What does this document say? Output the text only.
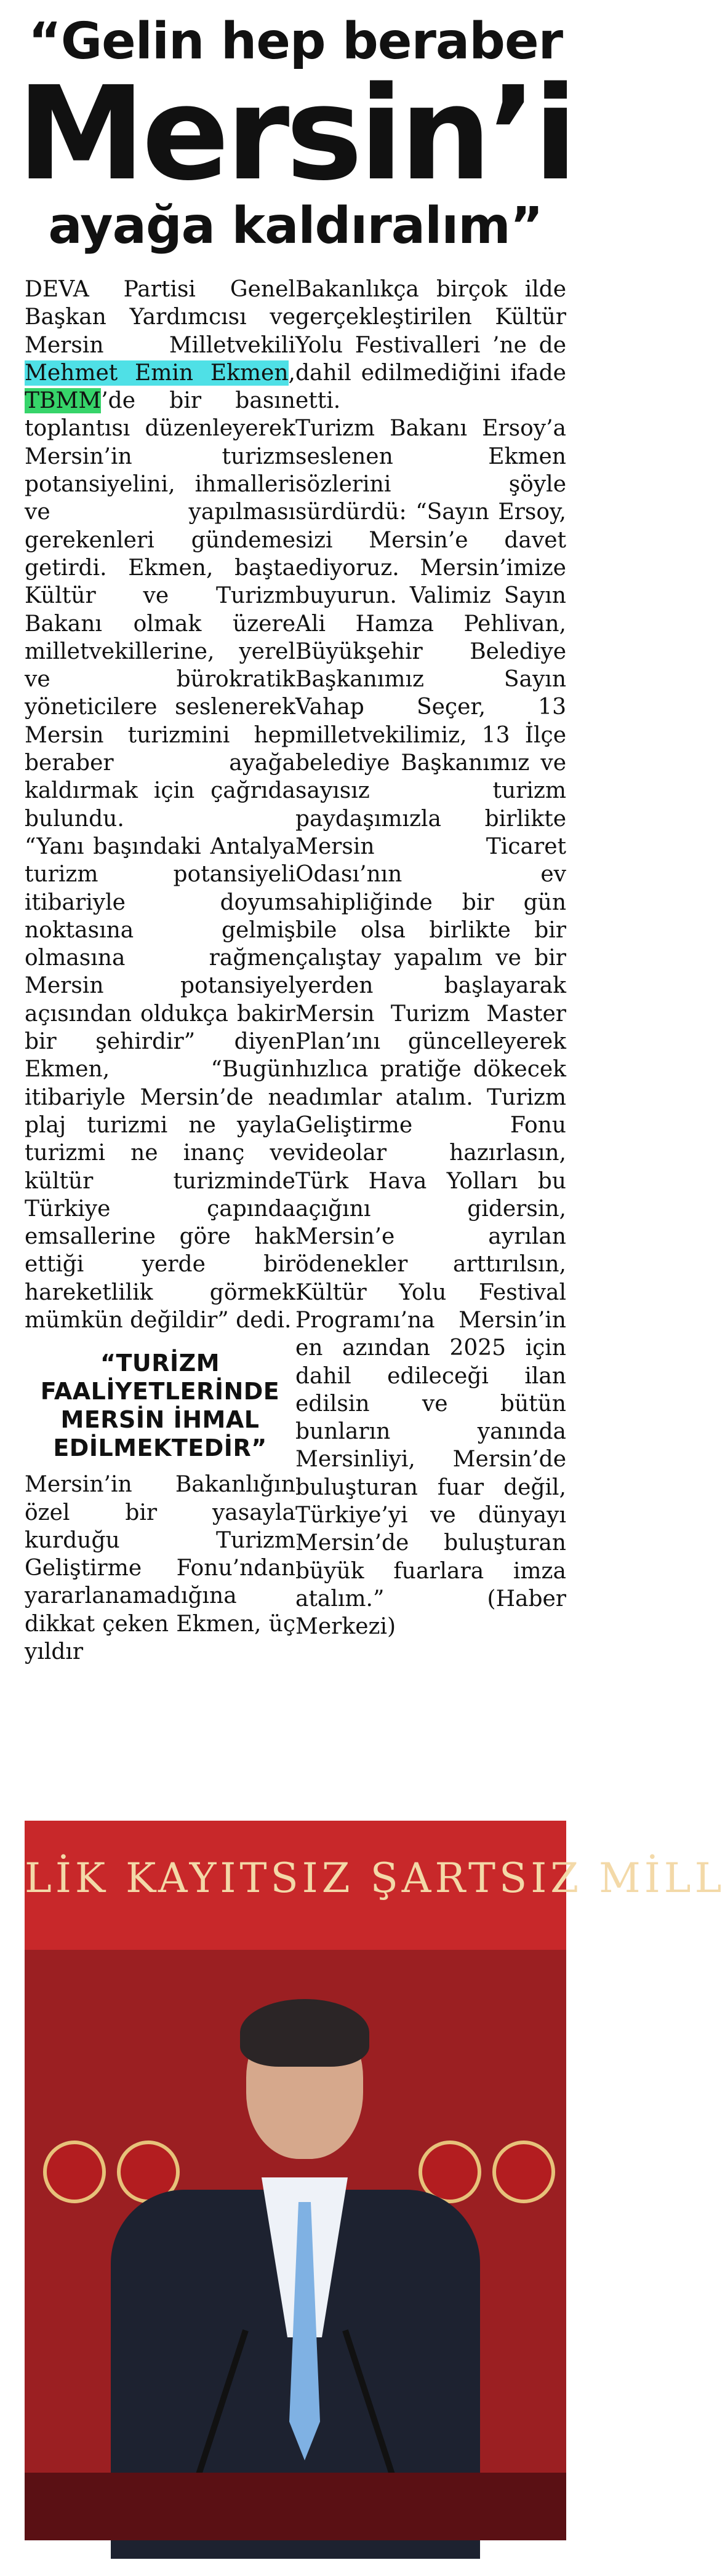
“Gelin hep beraber
Mersin’i
ayağa kaldıralım”

DEVA Partisi Genel Başkan Yardımcısı ve Mersin Milletvekili Mehmet Emin Ekmen, TBMM’de bir basın toplantısı düzenleyerek Mersin’in turizm potansiyelini, ihmalleri ve yapılması gerekenleri gündeme getirdi. Ekmen, başta Kültür ve Turizm Bakanı olmak üzere milletvekillerine, yerel ve bürokratik yöneticilere seslenerek Mersin turizmini hep beraber ayağa kaldırmak için çağrıda bulundu.

“Yanı başındaki Antalya turizm potansiyeli itibariyle doyum noktasına gelmiş olmasına rağmen Mersin potansiyel açısından oldukça bakir bir şehirdir” diyen Ekmen, “Bugün itibariyle Mersin’de ne plaj turizmi ne yayla turizmi ne inanç ve kültür turizminde Türkiye çapında emsallerine göre hak ettiği yerde bir hareketlilik görmek mümkün değildir” dedi.

“TURİZM FAALİYETLERİNDE MERSİN İHMAL EDİLMEKTEDİR”

Mersin’in Bakanlığın özel bir yasayla kurduğu Turizm Geliştirme Fonu’ndan yararlanamadığına dikkat çeken Ekmen, üç yıldır

Bakanlıkça birçok ilde gerçekleştirilen Kültür Yolu Festivalleri ’ne de dahil edilmediğini ifade etti.

Turizm Bakanı Ersoy’a seslenen Ekmen sözlerini şöyle sürdürdü: “Sayın Ersoy, sizi Mersin’e davet ediyoruz. Mersin’imize buyurun. Valimiz Sayın Ali Hamza Pehlivan, Büyükşehir Belediye Başkanımız Sayın Vahap Seçer, 13 milletvekilimiz, 13 İlçe belediye Başkanımız ve sayısız turizm paydaşımızla birlikte Mersin Ticaret Odası’nın ev sahipliğinde bir gün bile olsa birlikte bir çalıştay yapalım ve bir yerden başlayarak Mersin Turizm Master Plan’ını güncelleyerek hızlıca pratiğe dökecek adımlar atalım. Turizm Geliştirme Fonu videolar hazırlasın, Türk Hava Yolları bu açığını gidersin, Mersin’e ayrılan ödenekler arttırılsın, Kültür Yolu Festival Programı’na Mersin’in en azından 2025 için dahil edileceği ilan edilsin ve bütün bunların yanında Mersinliyi, Mersin’de buluşturan fuar değil, Türkiye’yi ve dünyayı Mersin’de buluşturan büyük fuarlara imza atalım.” (Haber Merkezi)

LİK KAYITSIZ ŞARTSIZ MİLL
